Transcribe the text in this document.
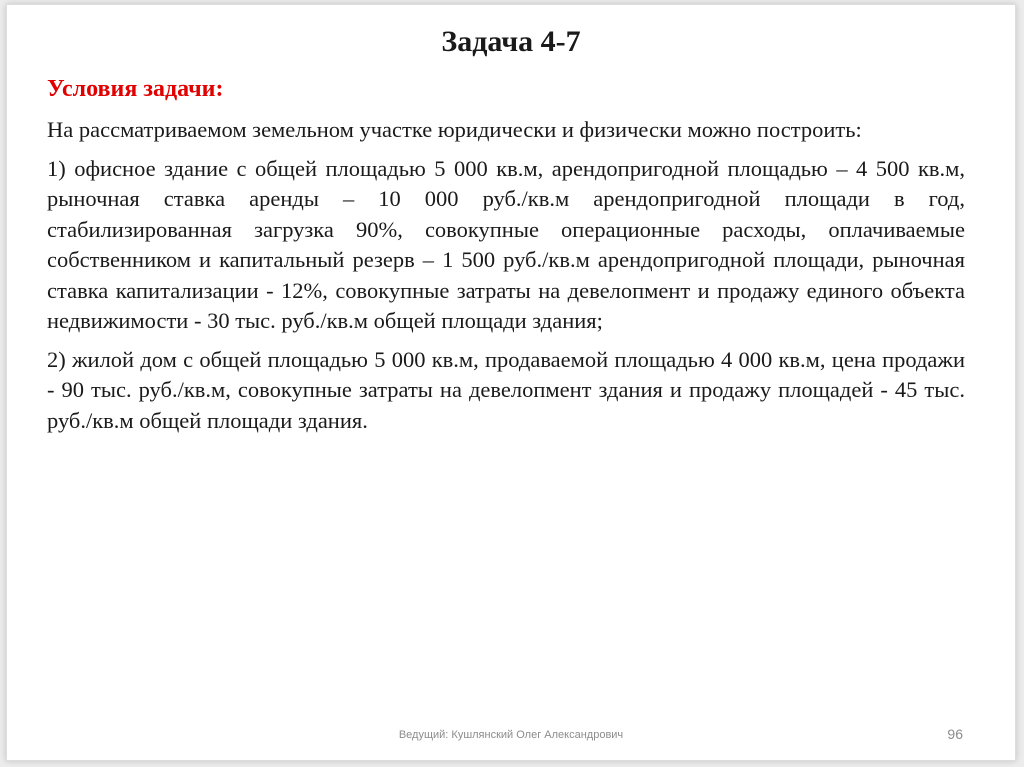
Задача 4-7
Условия задачи:

На рассматриваемом земельном участке юридически и физически можно построить:

1) офисное здание с общей площадью 5 000 кв.м, арендопригодной площадью – 4 500 кв.м, рыночная ставка аренды – 10 000 руб./кв.м арендопригодной площади в год, стабилизированная загрузка 90%, совокупные операционные расходы, оплачиваемые собственником и капитальный резерв – 1 500 руб./кв.м арендопригодной площади, рыночная ставка капитализации - 12%, совокупные затраты на девелопмент и продажу единого объекта недвижимости - 30 тыс. руб./кв.м общей площади здания;

2) жилой дом с общей площадью 5 000 кв.м, продаваемой площадью 4 000 кв.м, цена продажи - 90 тыс. руб./кв.м, совокупные затраты на девелопмент здания и продажу площадей - 45 тыс. руб./кв.м общей площади здания.

Ведущий: Кушлянский Олег Александрович	96
